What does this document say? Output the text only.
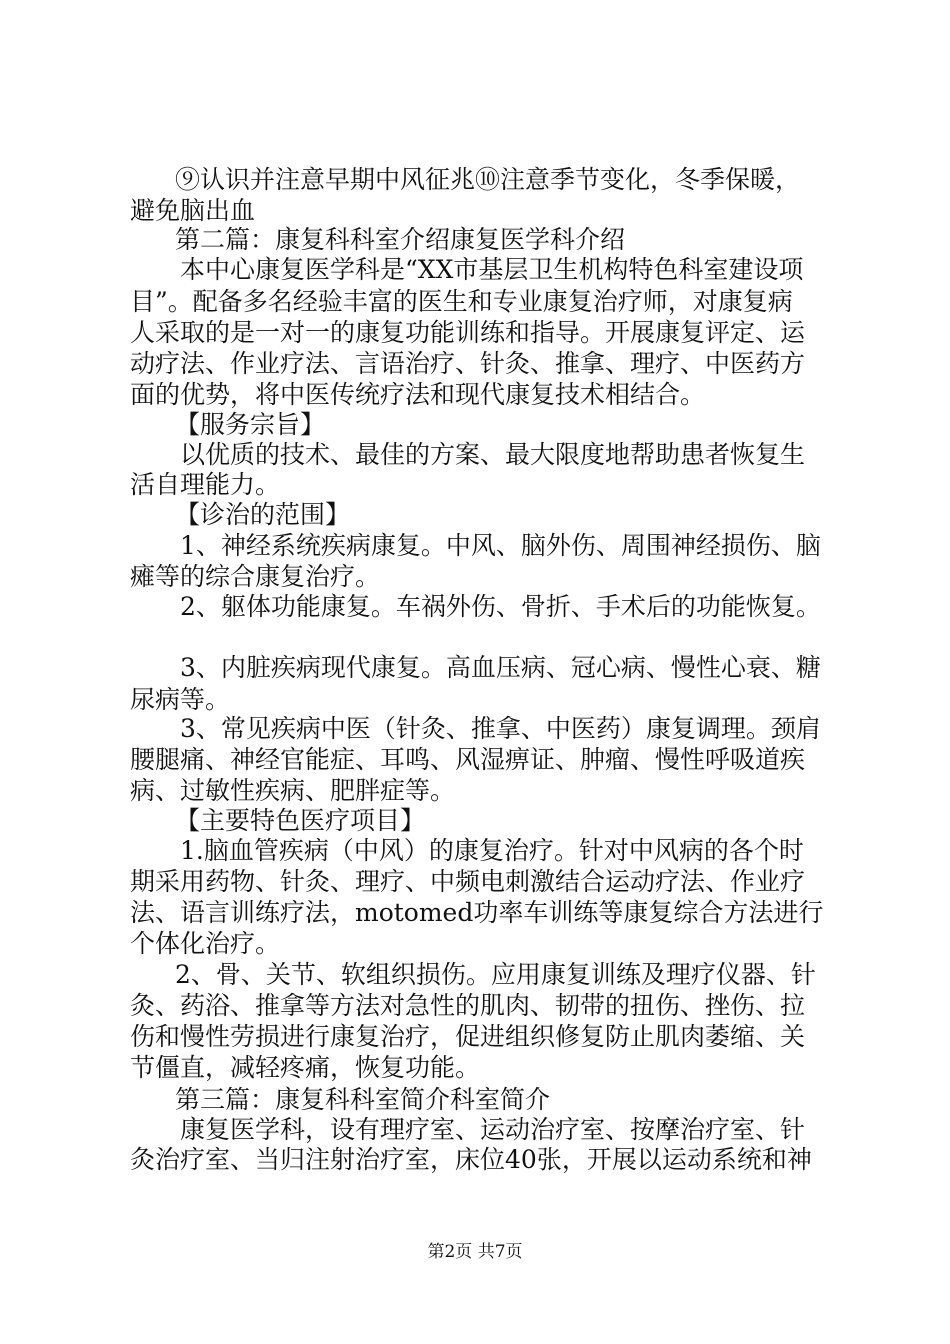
⑨认识并注意早期中风征兆⑩注意季节变化，冬季保暖，
避免脑出血
第二篇：康复科科室介绍康复医学科介绍
本中心康复医学科是“XX市基层卫生机构特色科室建设项
目”。配备多名经验丰富的医生和专业康复治疗师，对康复病
人采取的是一对一的康复功能训练和指导。开展康复评定、运
动疗法、作业疗法、言语治疗、针灸、推拿、理疗、中医药方
面的优势，将中医传统疗法和现代康复技术相结合。
【服务宗旨】
以优质的技术、最佳的方案、最大限度地帮助患者恢复生
活自理能力。
【诊治的范围】
1、神经系统疾病康复。中风、脑外伤、周围神经损伤、脑
瘫等的综合康复治疗。
2、躯体功能康复。车祸外伤、骨折、手术后的功能恢复。
3、内脏疾病现代康复。高血压病、冠心病、慢性心衰、糖
尿病等。
3、常见疾病中医（针灸、推拿、中医药）康复调理。颈肩
腰腿痛、神经官能症、耳鸣、风湿痹证、肿瘤、慢性呼吸道疾
病、过敏性疾病、肥胖症等。
【主要特色医疗项目】
1.脑血管疾病（中风）的康复治疗。针对中风病的各个时
期采用药物、针灸、理疗、中频电刺激结合运动疗法、作业疗
法、语言训练疗法，motomed功率车训练等康复综合方法进行
个体化治疗。
2、骨、关节、软组织损伤。应用康复训练及理疗仪器、针
灸、药浴、推拿等方法对急性的肌肉、韧带的扭伤、挫伤、拉
伤和慢性劳损进行康复治疗，促进组织修复防止肌肉萎缩、关
节僵直，减轻疼痛，恢复功能。
第三篇：康复科科室简介科室简介
康复医学科，设有理疗室、运动治疗室、按摩治疗室、针
灸治疗室、当归注射治疗室，床位40张，开展以运动系统和神
第2页 共7页
